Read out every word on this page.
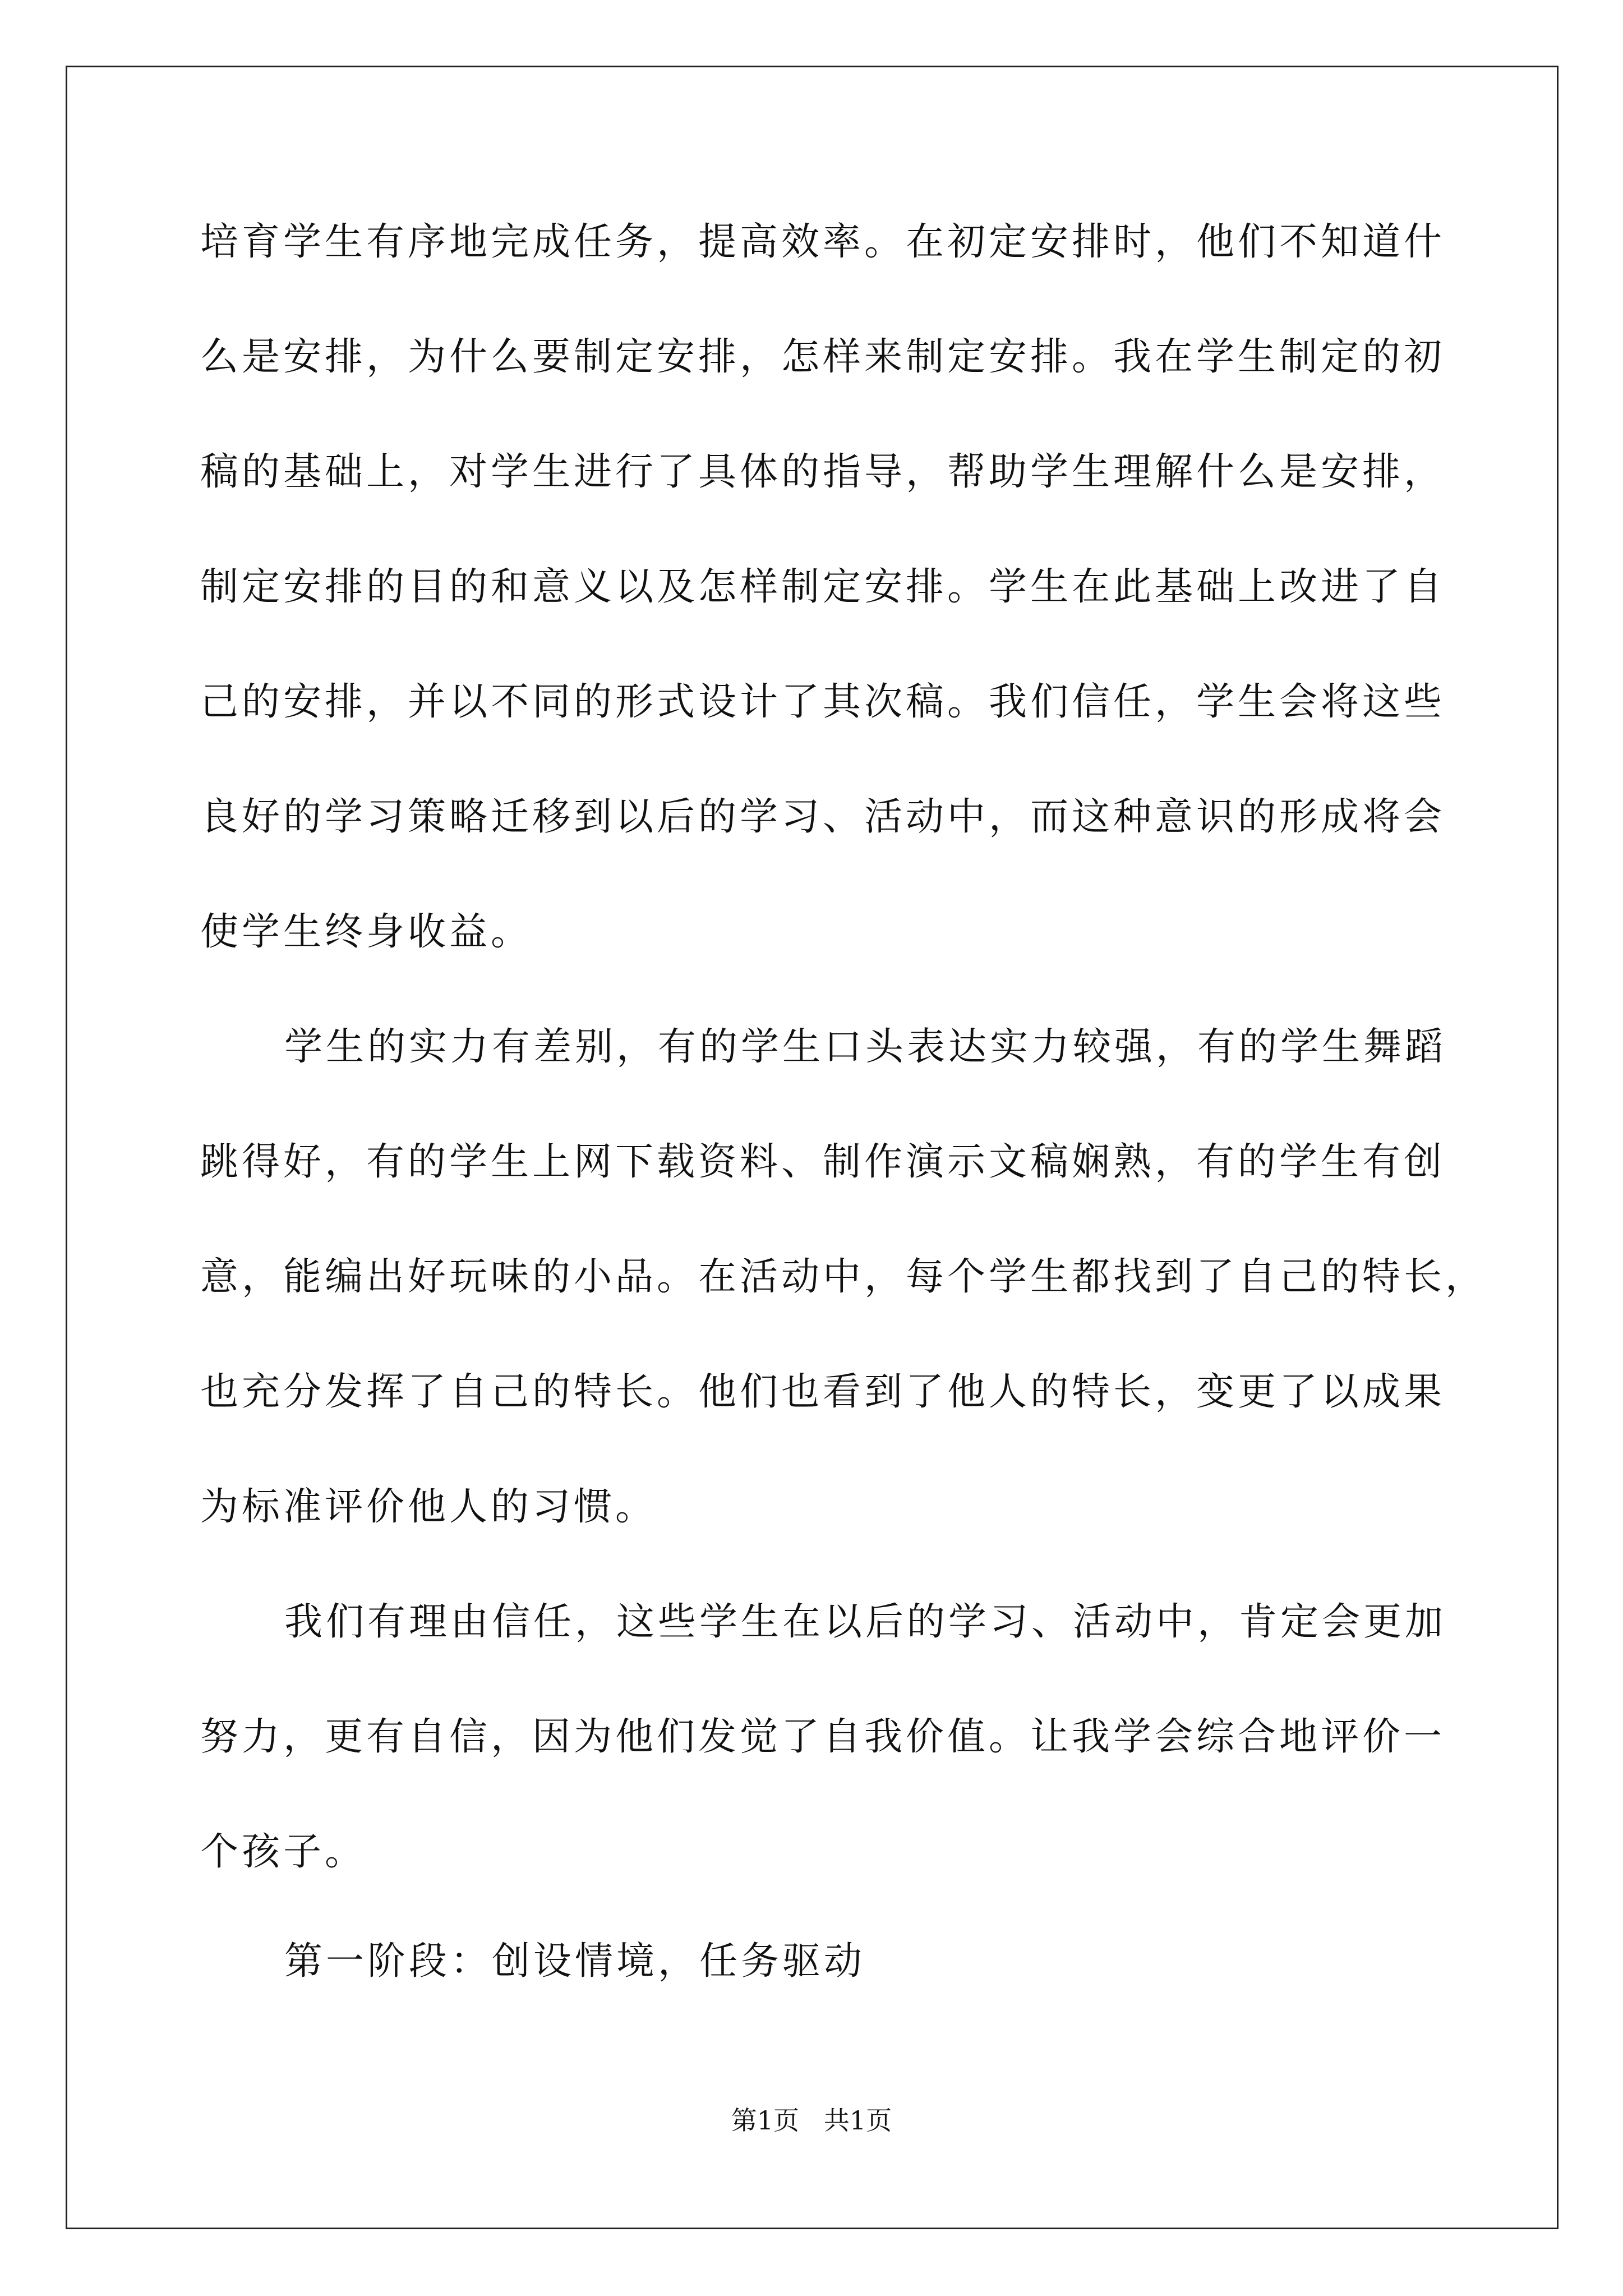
培育学生有序地完成任务，提高效率。在初定安排时，他们不知道什
么是安排，为什么要制定安排，怎样来制定安排。我在学生制定的初
稿的基础上，对学生进行了具体的指导，帮助学生理解什么是安排，
制定安排的目的和意义以及怎样制定安排。学生在此基础上改进了自
己的安排，并以不同的形式设计了其次稿。我们信任，学生会将这些
良好的学习策略迁移到以后的学习、活动中，而这种意识的形成将会
使学生终身收益。
学生的实力有差别，有的学生口头表达实力较强，有的学生舞蹈
跳得好，有的学生上网下载资料、制作演示文稿娴熟，有的学生有创
意，能编出好玩味的小品。在活动中，每个学生都找到了自己的特长，
也充分发挥了自己的特长。他们也看到了他人的特长，变更了以成果
为标准评价他人的习惯。
我们有理由信任，这些学生在以后的学习、活动中，肯定会更加
努力，更有自信，因为他们发觉了自我价值。让我学会综合地评价一
个孩子。
第一阶段：创设情境，任务驱动
第1页   共1页
